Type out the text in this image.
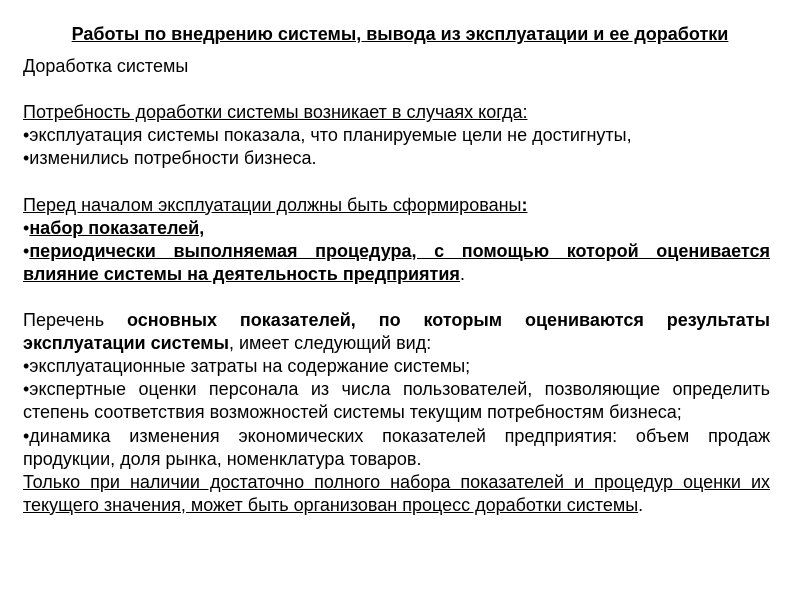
Работы по внедрению системы, вывода из эксплуатации и ее доработки

Доработка системы

Потребность доработки системы возникает в случаях когда:

•эксплуатация системы показала, что планируемые цели не достигнуты,

•изменились потребности бизнеса.

Перед началом эксплуатации должны быть сформированы:

•набор показателей,

•периодически выполняемая процедура, с помощью которой оценивается влияние системы на деятельность предприятия.

Перечень основных показателей, по которым оцениваются результаты эксплуатации системы, имеет следующий вид:

•эксплуатационные затраты на содержание системы;

•экспертные оценки персонала из числа пользователей, позволяющие определить степень соответствия возможностей системы текущим потребностям бизнеса;

•динамика изменения экономических показателей предприятия: объем продаж продукции, доля рынка, номенклатура товаров.

Только при наличии достаточно полного набора показателей и процедур оценки их текущего значения, может быть организован процесс доработки системы.
